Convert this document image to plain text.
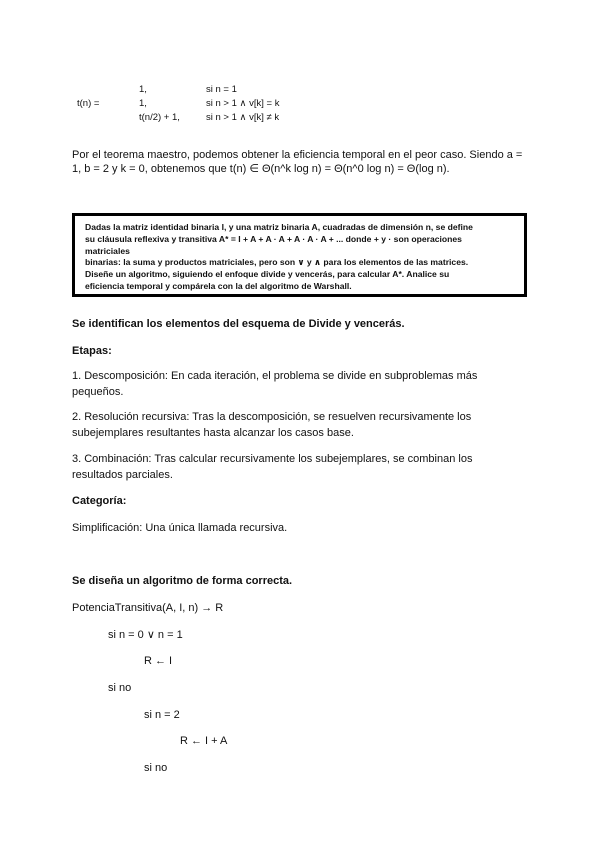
t(n) =
1,	si n = 1
1,	si n > 1 ∧ v[k] = k
t(n/2) + 1,	si n > 1 ∧ v[k] ≠ k
Por el teorema maestro, podemos obtener la eficiencia temporal en el peor caso. Siendo a =
1, b = 2 y k = 0, obtenemos que t(n) ∈ Θ(n^k log n) = Θ(n^0 log n) = Θ(log n).
Dadas la matriz identidad binaria I, y una matriz binaria A, cuadradas de dimensión n, se define
su cláusula reflexiva y transitiva A* = I + A + A · A + A · A · A + ... donde + y · son operaciones
matriciales
binarias: la suma y productos matriciales, pero son ∨ y ∧ para los elementos de las matrices.
Diseñe un algoritmo, siguiendo el enfoque divide y vencerás, para calcular A*. Analice su
eficiencia temporal y compárela con la del algoritmo de Warshall.
Se identifican los elementos del esquema de Divide y vencerás.
Etapas:
1. Descomposición: En cada iteración, el problema se divide en subproblemas más
pequeños.
2. Resolución recursiva: Tras la descomposición, se resuelven recursivamente los
subejemplares resultantes hasta alcanzar los casos base.
3. Combinación: Tras calcular recursivamente los subejemplares, se combinan los
resultados parciales.
Categoría:
Simplificación: Una única llamada recursiva.
Se diseña un algoritmo de forma correcta.
PotenciaTransitiva(A, I, n) → R
si n = 0 ∨ n = 1
R ← I
si no
si n = 2
R ← I + A
si no
